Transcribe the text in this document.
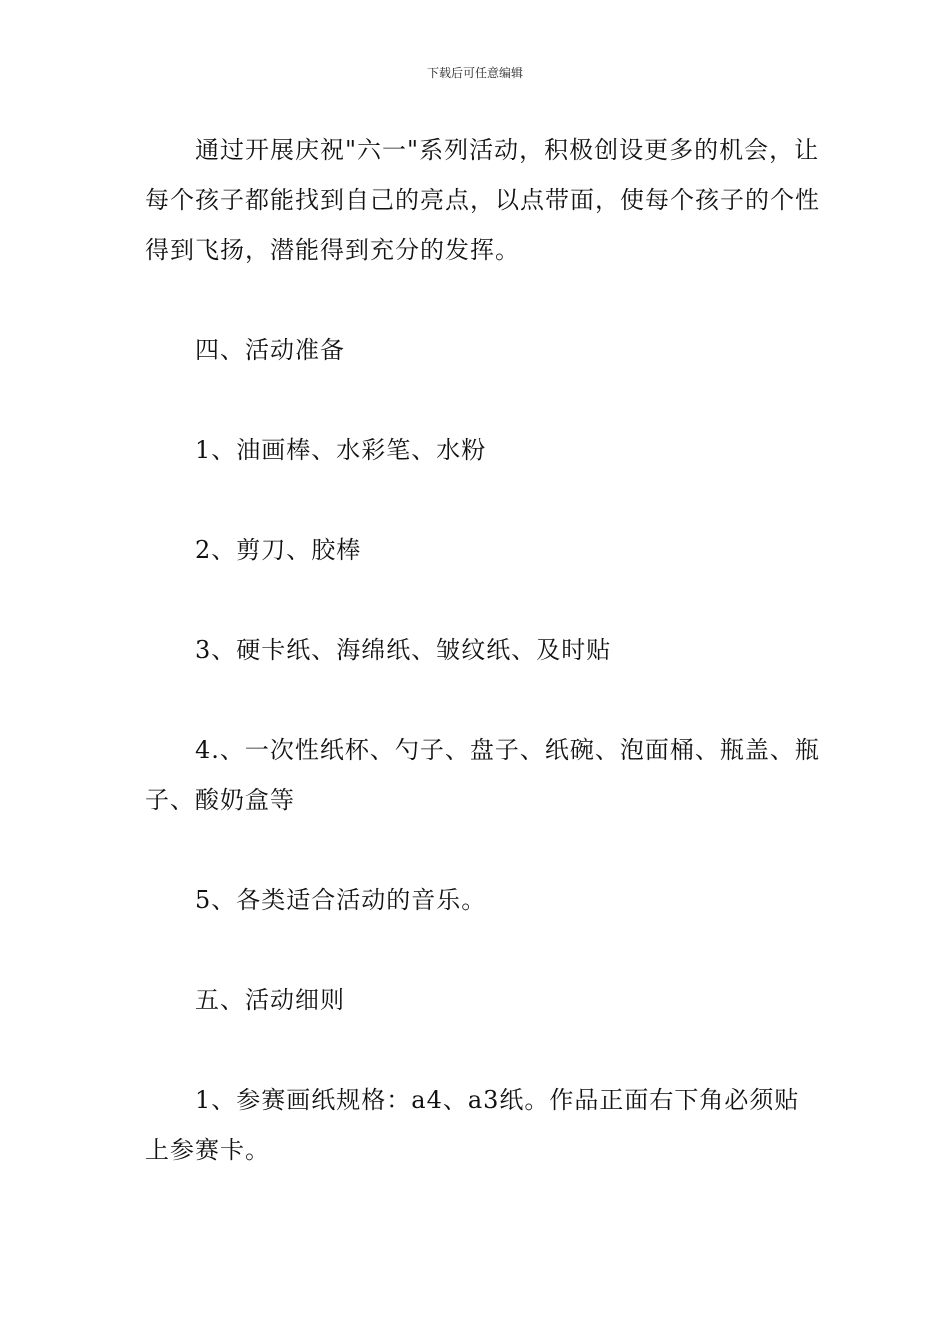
下载后可任意编辑

通过开展庆祝"六一"系列活动，积极创设更多的机会，让每个孩子都能找到自己的亮点，以点带面，使每个孩子的个性得到飞扬，潜能得到充分的发挥。

四、活动准备

1、油画棒、水彩笔、水粉

2、剪刀、胶棒

3、硬卡纸、海绵纸、皱纹纸、及时贴

4.、一次性纸杯、勺子、盘子、纸碗、泡面桶、瓶盖、瓶子、酸奶盒等

5、各类适合活动的音乐。

五、活动细则

1、参赛画纸规格：a4、a3纸。作品正面右下角必须贴上参赛卡。
